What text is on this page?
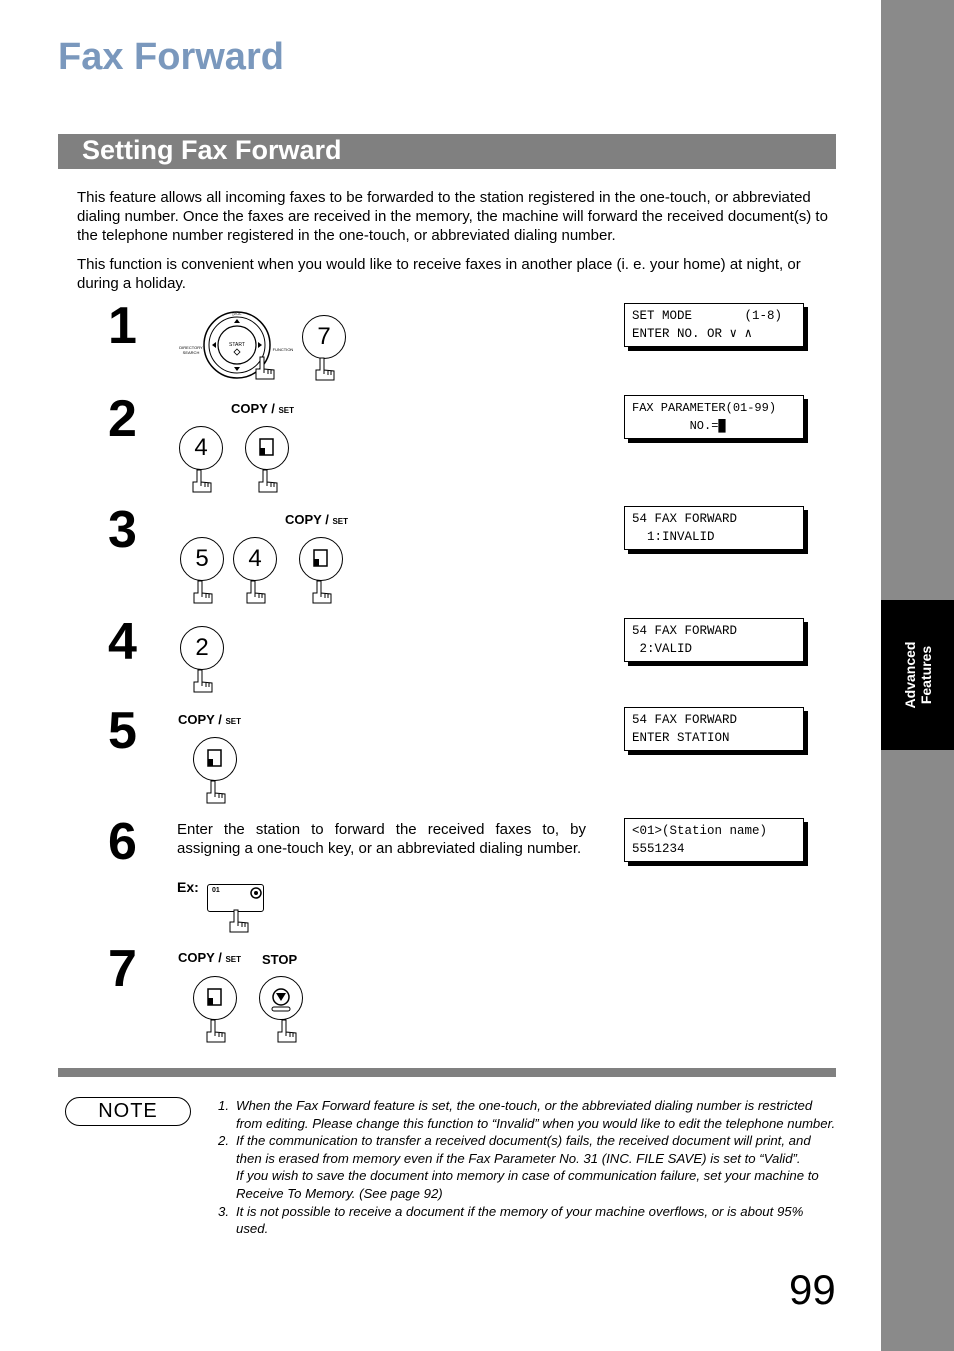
Advanced Features
Fax Forward
Setting Fax Forward
This feature allows all incoming faxes to be forwarded to the station registered in the one-touch, or abbreviated dialing number. Once the faxes are received in the memory, the machine will forward the received document(s) to the telephone number registered in the one-touch, or abbreviated dialing number.
This function is convenient when you would like to receive faxes in another place (i. e. your home) at night, or during a holiday.
1	START
[VOL
DIRECTORY
SEARCH
FUNCTION 7
SET MODE       (1-8)
ENTER NO. OR ∨ ∧
2	COPY / SET
4
FAX PARAMETER(01-99)
NO.=█
3	COPY / SET
5	4
54 FAX FORWARD
1:INVALID
4	2
54 FAX FORWARD
2:VALID
5	COPY / SET	54 FAX FORWARD
ENTER STATION
6	Enter the station to forward the received faxes to, by assigning a one-touch key, or an abbreviated dialing number.
Ex: 01
<01>(Station name)
5551234
7	COPY / SET STOP
NOTE	1. When the Fax Forward feature is set, the one-touch, or the abbreviated dialing number is restricted from editing. Please change this function to “Invalid” when you would like to edit the telephone number.
2. If the communication to transfer a received document(s) fails, the received document will print, and then is erased from memory even if the Fax Parameter No. 31 (INC. FILE SAVE) is set to “Valid”.
If you wish to save the document into memory in case of communication failure, set your machine to Receive To Memory. (See page 92)
3. It is not possible to receive a document if the memory of your machine overflows, or is about 95% used.
99
